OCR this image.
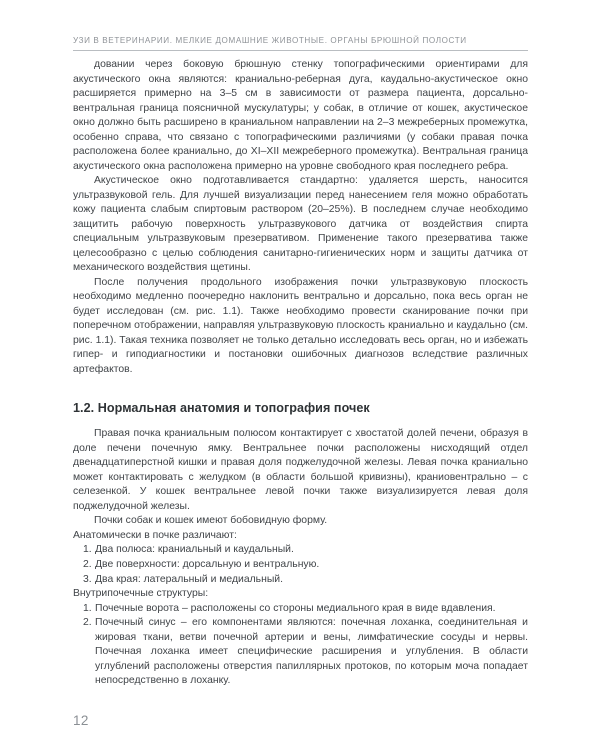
УЗИ В ВЕТЕРИНАРИИ. МЕЛКИЕ ДОМАШНИЕ ЖИВОТНЫЕ. ОРГАНЫ БРЮШНОЙ ПОЛОСТИ

довании через боковую брюшную стенку топографическими ориентирами для акустического окна являются: краниально-реберная дуга, каудально-акустическое окно расширяется примерно на 3–5 см в зависимости от размера пациента, дорсально-вентральная граница поясничной мускулатуры; у собак, в отличие от кошек, акустическое окно должно быть расширено в краниальном направлении на 2–3 межреберных промежутка, особенно справа, что связано с топографическими различиями (у собаки правая почка расположена более краниально, до XI–XII межреберного промежутка). Вентральная граница акустического окна расположена примерно на уровне свободного края последнего ребра.

Акустическое окно подготавливается стандартно: удаляется шерсть, наносится ультразвуковой гель. Для лучшей визуализации перед нанесением геля можно обработать кожу пациента слабым спиртовым раствором (20–25%). В последнем случае необходимо защитить рабочую поверхность ультразвукового датчика от воздействия спирта специальным ультразвуковым презервативом. Применение такого презерватива также целесообразно с целью соблюдения санитарно-гигиенических норм и защиты датчика от механического воздействия щетины.

После получения продольного изображения почки ультразвуковую плоскость необходимо медленно поочередно наклонить вентрально и дорсально, пока весь орган не будет исследован (см. рис. 1.1). Также необходимо провести сканирование почки при поперечном отображении, направляя ультразвуковую плоскость краниально и каудально (см. рис. 1.1). Такая техника позволяет не только детально исследовать весь орган, но и избежать гипер- и гиподиагностики и постановки ошибочных диагнозов вследствие различных артефактов.

1.2. Нормальная анатомия и топография почек

Правая почка краниальным полюсом контактирует с хвостатой долей печени, образуя в доле печени почечную ямку. Вентральнее почки расположены нисходящий отдел двенадцатиперстной кишки и правая доля поджелудочной железы. Левая почка краниально может контактировать с желудком (в области большой кривизны), краниовентрально – с селезенкой. У кошек вентральнее левой почки также визуализируется левая доля поджелудочной железы.

Почки собак и кошек имеют бобовидную форму.

Анатомически в почке различают:

1. Два полюса: краниальный и каудальный.
2. Две поверхности: дорсальную и вентральную.
3. Два края: латеральный и медиальный.

Внутрипочечные структуры:

1. Почечные ворота – расположены со стороны медиального края в виде вдавления.
2. Почечный синус – его компонентами являются: почечная лоханка, соединительная и жировая ткани, ветви почечной артерии и вены, лимфатические сосуды и нервы. Почечная лоханка имеет специфические расширения и углубления. В области углублений расположены отверстия папиллярных протоков, по которым моча попадает непосредственно в лоханку.
12
